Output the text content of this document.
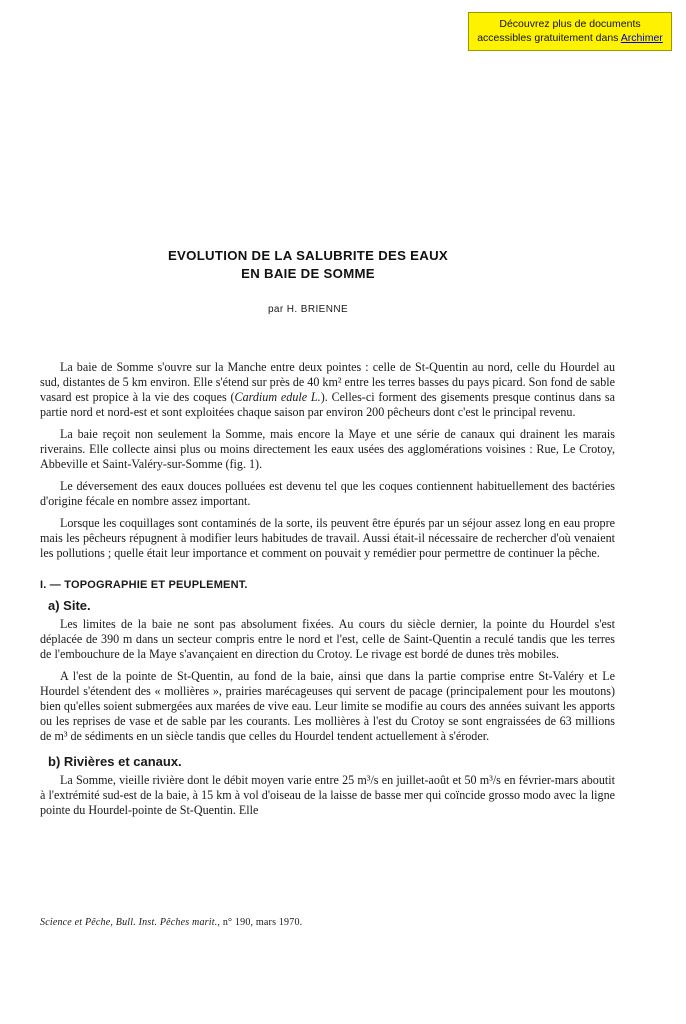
Découvrez plus de documents
accessibles gratuitement dans Archimer
EVOLUTION DE LA SALUBRITE DES EAUX
EN BAIE DE SOMME
par H. BRIENNE

La baie de Somme s'ouvre sur la Manche entre deux pointes : celle de St-Quentin au nord, celle du Hourdel au sud, distantes de 5 km environ. Elle s'étend sur près de 40 km² entre les terres basses du pays picard. Son fond de sable vasard est propice à la vie des coques (Cardium edule L.). Celles-ci forment des gisements presque continus dans sa partie nord et nord-est et sont exploitées chaque saison par environ 200 pêcheurs dont c'est le principal revenu.

La baie reçoit non seulement la Somme, mais encore la Maye et une série de canaux qui drainent les marais riverains. Elle collecte ainsi plus ou moins directement les eaux usées des agglomérations voisines : Rue, Le Crotoy, Abbeville et Saint-Valéry-sur-Somme (fig. 1).

Le déversement des eaux douces polluées est devenu tel que les coques contiennent habituellement des bactéries d'origine fécale en nombre assez important.

Lorsque les coquillages sont contaminés de la sorte, ils peuvent être épurés par un séjour assez long en eau propre mais les pêcheurs répugnent à modifier leurs habitudes de travail. Aussi était-il nécessaire de rechercher d'où venaient les pollutions ; quelle était leur importance et comment on pouvait y remédier pour permettre de continuer la pêche.

I. — TOPOGRAPHIE ET PEUPLEMENT.
a) Site.

Les limites de la baie ne sont pas absolument fixées. Au cours du siècle dernier, la pointe du Hourdel s'est déplacée de 390 m dans un secteur compris entre le nord et l'est, celle de Saint-Quentin a reculé tandis que les terres de l'embouchure de la Maye s'avançaient en direction du Crotoy. Le rivage est bordé de dunes très mobiles.

A l'est de la pointe de St-Quentin, au fond de la baie, ainsi que dans la partie comprise entre St-Valéry et Le Hourdel s'étendent des « mollières », prairies marécageuses qui servent de pacage (principalement pour les moutons) bien qu'elles soient submergées aux marées de vive eau. Leur limite se modifie au cours des années suivant les apports ou les reprises de vase et de sable par les courants. Les mollières à l'est du Crotoy se sont engraissées de 63 millions de m³ de sédiments en un siècle tandis que celles du Hourdel tendent actuellement à s'éroder.

b) Rivières et canaux.

La Somme, vieille rivière dont le débit moyen varie entre 25 m³/s en juillet-août et 50 m³/s en février-mars aboutit à l'extrémité sud-est de la baie, à 15 km à vol d'oiseau de la laisse de basse mer qui coïncide grosso modo avec la ligne pointe du Hourdel-pointe de St-Quentin. Elle

Science et Pêche, Bull. Inst. Pêches marit., n° 190, mars 1970.
